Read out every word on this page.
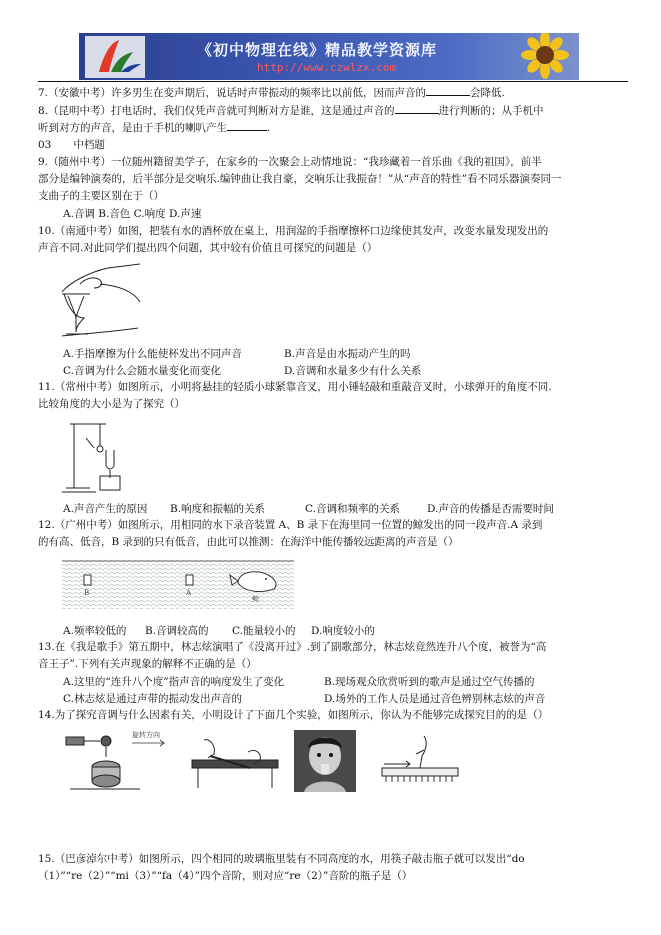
《初中物理在线》精品教学资源库
http://www.czwlzx.com
7.（安徽中考）许多男生在变声期后，说话时声带振动的频率比以前低，因而声音的	会降低.
8.（昆明中考）打电话时，我们仅凭声音就可判断对方是谁，这是通过声音的	进行判断的；从手机中
听到对方的声音，是由于手机的喇叭产生	.
03 中档题
9.（随州中考）一位随州籍留美学子，在家乡的一次聚会上动情地说：“我珍藏着一首乐曲《我的祖国》，前半
部分是编钟演奏的，后半部分是交响乐.编钟曲让我自豪，交响乐让我振奋！”从“声音的特性”看不同乐器演奏同一
支曲子的主要区别在于（）
A.音调 B.音色 C.响度 D.声速
10.（南通中考）如图，把装有水的酒杯放在桌上，用润湿的手指摩擦杯口边缘使其发声，改变水量发现发出的
声音不同.对此同学们提出四个问题，其中较有价值且可探究的问题是（）
A.手指摩擦为什么能使杯发出不同声音	B.声音是由水振动产生的吗
C.音调为什么会随水量变化而变化	D.音调和水量多少有什么关系
11.（常州中考）如图所示，小明将悬挂的轻质小球紧靠音叉，用小锤轻敲和重敲音叉时，小球弹开的角度不同.
比较角度的大小是为了探究（）
A.声音产生的原因 B.响度和振幅的关系	C.音调和频率的关系	D.声音的传播是否需要时间
12.（广州中考）如图所示，用相同的水下录音装置 A、B 录下在海里同一位置的鲸发出的同一段声音.A 录到
的有高、低音，B 录到的只有低音，由此可以推测：在海洋中能传播较远距离的声音是（）
B	A
鲸
A.频率较低的 B.音调较高的 C.能量较小的 D.响度较小的
13.在《我是歌手》第五期中，林志炫演唱了《没离开过》.到了副歌部分，林志炫竟然连升八个度，被誉为“高
音王子”.下列有关声现象的解释不正确的是（）
A.这里的“连升八个度”指声音的响度发生了变化	B.现场观众欣赏听到的歌声是通过空气传播的
C.林志炫是通过声带的振动发出声音的	D.场外的工作人员是通过音色辨别林志炫的声音
14.为了探究音调与什么因素有关，小明设计了下面几个实验，如图所示，你认为不能够完成探究目的的是（）
旋转方向
15.（巴彦淖尔中考）如图所示，四个相同的玻璃瓶里装有不同高度的水，用筷子敲击瓶子就可以发出“do
（1）”“re（2）”“mi（3）”“fa（4）”四个音阶，则对应“re（2）”音阶的瓶子是（）
